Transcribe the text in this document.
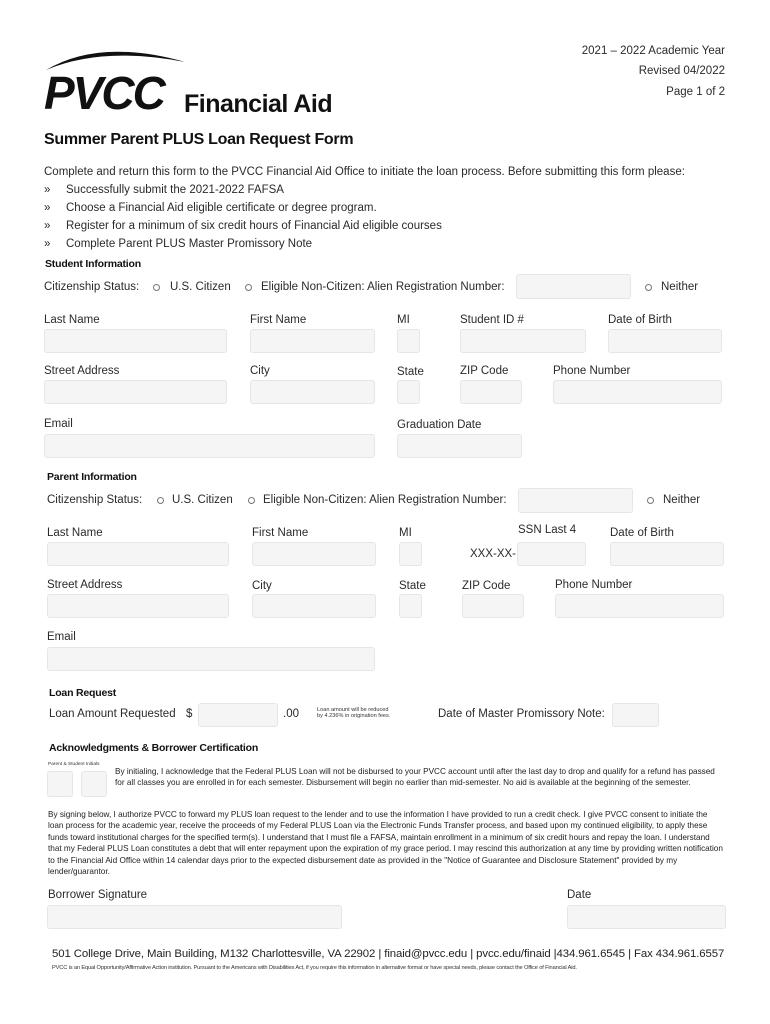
PVCC Financial Aid
2021 – 2022 Academic Year
Revised 04/2022
Page 1 of 2
Summer Parent PLUS Loan Request Form
Complete and return this form to the PVCC Financial Aid Office to initiate the loan process. Before submitting this form please:
» Successfully submit the 2021-2022 FAFSA
» Choose a Financial Aid eligible certificate or degree program.
» Register for a minimum of six credit hours of Financial Aid eligible courses
» Complete Parent PLUS Master Promissory Note
Student Information
Citizenship Status:	U.S. Citizen	Eligible Non-Citizen: Alien Registration Number:	Neither
Last Name	First Name	MI	Student ID #	Date of Birth
Street Address	City	State	ZIP Code	Phone Number
Email	Graduation Date
Parent Information
Citizenship Status:	U.S. Citizen	Eligible Non-Citizen: Alien Registration Number:	Neither
Last Name	First Name	MI	SSN Last 4	Date of Birth
XXX-XX-
Street Address	City	State	ZIP Code	Phone Number
Email
Loan Request
Loan Amount Requested $	.00	Loan amount will be reduced
by 4.236% in origination fees.	Date of Master Promissory Note:
Acknowledgments & Borrower Certification
Parent & Student Initials
By initialing, I acknowledge that the Federal PLUS Loan will not be disbursed to your PVCC account until after the last day to drop and qualify for a refund has passed for all classes you are enrolled in for each semester. Disbursement will begin no earlier than mid-semester. No aid is available at the beginning of the semester.
By signing below, I authorize PVCC to forward my PLUS loan request to the lender and to use the information I have provided to run a credit check. I give PVCC consent to initiate the loan process for the academic year, receive the proceeds of my Federal PLUS Loan via the Electronic Funds Transfer process, and based upon my continued eligibility, to apply these funds toward institutional charges for the specified term(s). I understand that I must file a FAFSA, maintain enrollment in a minimum of six credit hours and repay the loan. I understand that my Federal PLUS Loan constitutes a debt that will enter repayment upon the expiration of my grace period. I may rescind this authorization at any time by providing written notification to the Financial Aid Office within 14 calendar days prior to the expected disbursement date as provided in the "Notice of Guarantee and Disclosure Statement" provided by my lender/guarantor.
Borrower Signature	Date
501 College Drive, Main Building, M132 Charlottesville, VA 22902 | finaid@pvcc.edu | pvcc.edu/finaid |434.961.6545 | Fax 434.961.6557
PVCC is an Equal Opportunity/Affirmative Action institution. Pursuant to the Americans with Disabilities Act, if you require this information in alternative format or have special needs, please contact the Office of Financial Aid.
